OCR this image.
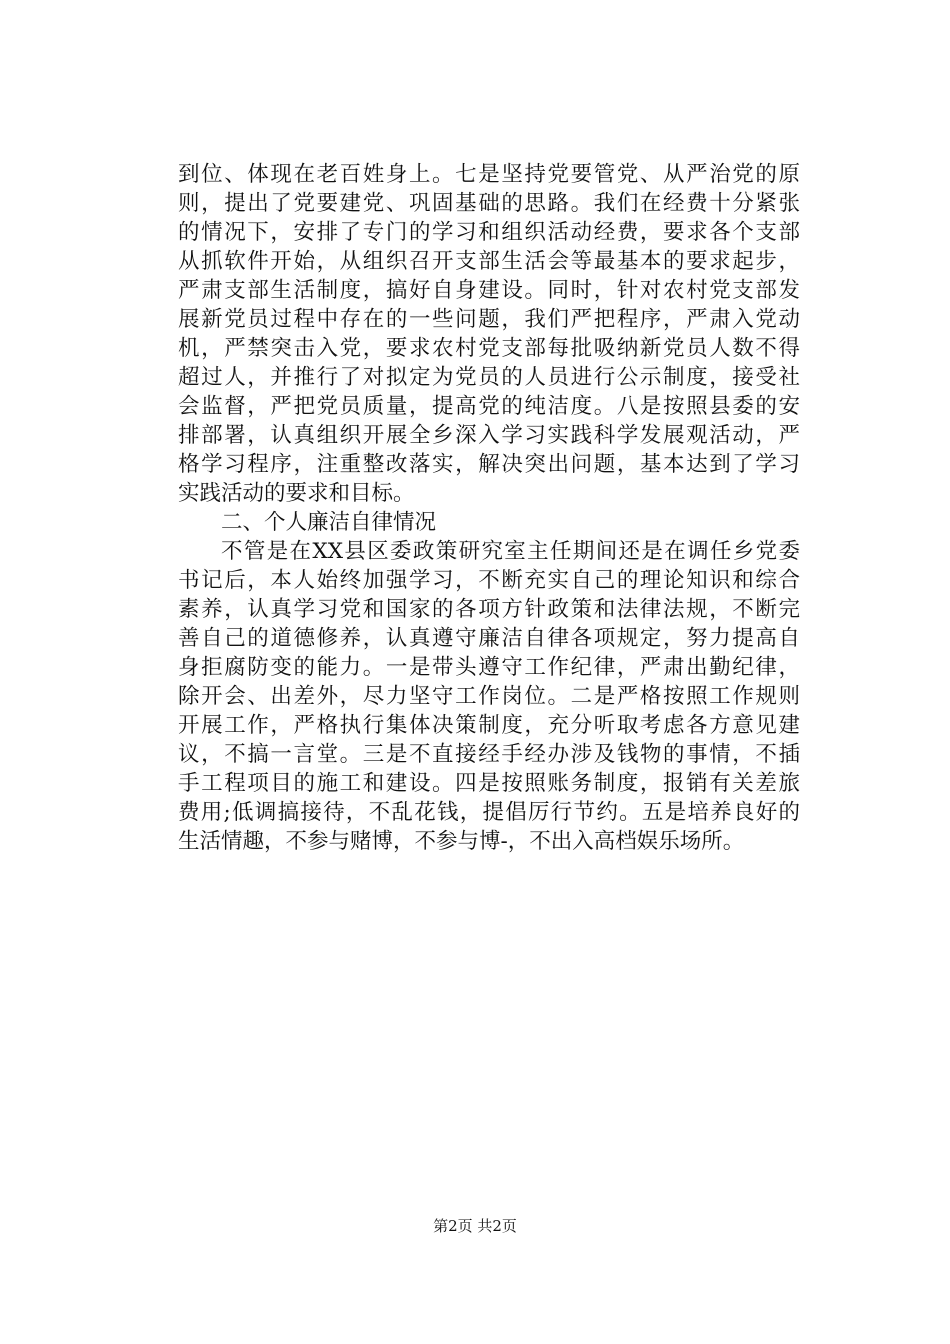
到位、体现在老百姓身上。七是坚持党要管党、从严治党的原
则，提出了党要建党、巩固基础的思路。我们在经费十分紧张
的情况下，安排了专门的学习和组织活动经费，要求各个支部
从抓软件开始，从组织召开支部生活会等最基本的要求起步，
严肃支部生活制度，搞好自身建设。同时，针对农村党支部发
展新党员过程中存在的一些问题，我们严把程序，严肃入党动
机，严禁突击入党，要求农村党支部每批吸纳新党员人数不得
超过人，并推行了对拟定为党员的人员进行公示制度，接受社
会监督，严把党员质量，提高党的纯洁度。八是按照县委的安
排部署，认真组织开展全乡深入学习实践科学发展观活动，严
格学习程序，注重整改落实，解决突出问题，基本达到了学习
实践活动的要求和目标。
二、个人廉洁自律情况
不管是在XX县区委政策研究室主任期间还是在调任乡党委
书记后，本人始终加强学习，不断充实自己的理论知识和综合
素养，认真学习党和国家的各项方针政策和法律法规，不断完
善自己的道德修养，认真遵守廉洁自律各项规定，努力提高自
身拒腐防变的能力。一是带头遵守工作纪律，严肃出勤纪律，
除开会、出差外，尽力坚守工作岗位。二是严格按照工作规则
开展工作，严格执行集体决策制度，充分听取考虑各方意见建
议，不搞一言堂。三是不直接经手经办涉及钱物的事情，不插
手工程项目的施工和建设。四是按照账务制度，报销有关差旅
费用;低调搞接待，不乱花钱，提倡厉行节约。五是培养良好的
生活情趣，不参与赌博，不参与博-，不出入高档娱乐场所。
第2页 共2页
